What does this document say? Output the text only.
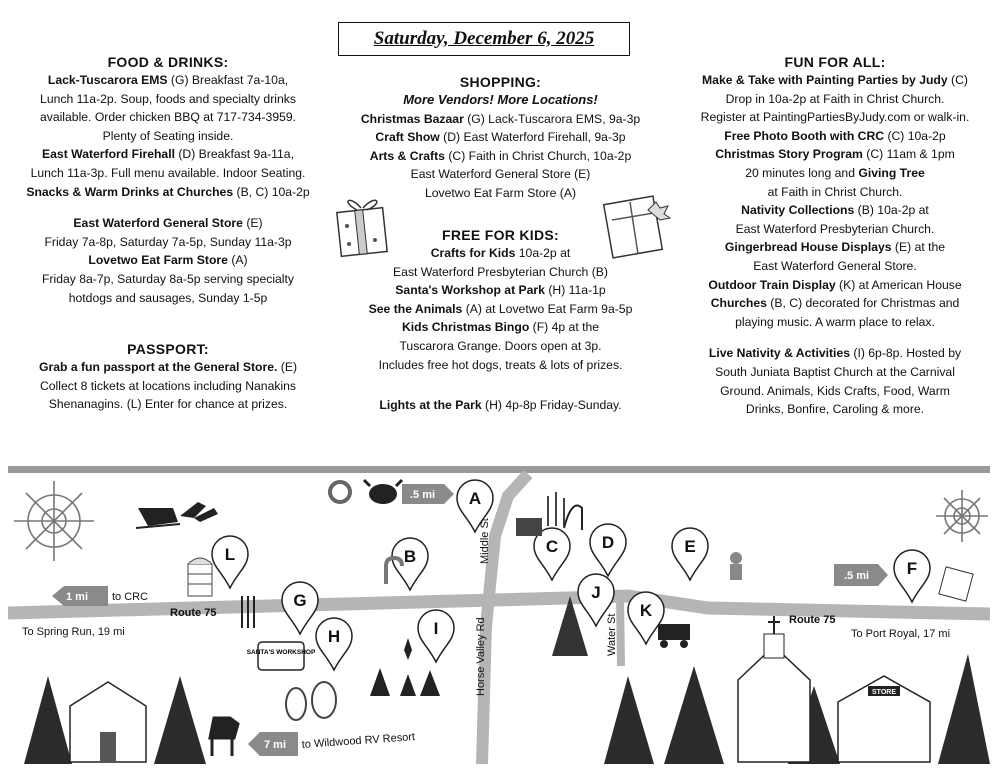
Saturday, December 6, 2025
FOOD & DRINKS:

Lack-Tuscarora EMS (G) Breakfast 7a-10a,

Lunch 11a-2p. Soup, foods and specialty drinks

available. Order chicken BBQ at 717-734-3959.

Plenty of Seating inside.

East Waterford Firehall (D) Breakfast 9a-11a,

Lunch 11a-3p. Full menu available. Indoor Seating.

Snacks & Warm Drinks at Churches (B, C) 10a-2p

East Waterford General Store (E)

Friday 7a-8p, Saturday 7a-5p, Sunday 11a-3p

Lovetwo Eat Farm Store (A)

Friday 8a-7p, Saturday 8a-5p serving specialty

hotdogs and sausages, Sunday 1-5p

PASSPORT:

Grab a fun passport at the General Store. (E)

Collect 8 tickets at locations including Nanakins

Shenanagins. (L) Enter for chance at prizes.

SHOPPING:

More Vendors! More Locations!

Christmas Bazaar (G) Lack-Tuscarora EMS, 9a-3p

Craft Show (D) East Waterford Firehall, 9a-3p

Arts & Crafts (C) Faith in Christ Church, 10a-2p

East Waterford General Store (E)

Lovetwo Eat Farm Store (A)

FREE FOR KIDS:

Crafts for Kids 10a-2p at

East Waterford Presbyterian Church (B)

Santa's Workshop at Park (H) 11a-1p

See the Animals (A) at Lovetwo Eat Farm 9a-5p

Kids Christmas Bingo (F) 4p at the

Tuscarora Grange. Doors open at 3p.

Includes free hot dogs, treats & lots of prizes.

Lights at the Park (H) 4p-8p Friday-Sunday.

FUN FOR ALL:

Make & Take with Painting Parties by Judy (C)

Drop in 10a-2p at Faith in Christ Church.

Register at PaintingPartiesByJudy.com or walk-in.

Free Photo Booth with CRC (C) 10a-2p

Christmas Story Program (C) 11am & 1pm

20 minutes long and Giving Tree

at Faith in Christ Church.

Nativity Collections (B) 10a-2p at

East Waterford Presbyterian Church.

Gingerbread House Displays (E) at the

East Waterford General Store.

Outdoor Train Display (K) at American House

Churches (B, C) decorated for Christmas and

playing music. A warm place to relax.

Live Nativity & Activities (I) 6p-8p. Hosted by

South Juniata Baptist Church at the Carnival

Ground. Animals, Kids Crafts, Food, Warm

Drinks, Bonfire, Caroling & more.

Route 75
Route 75
To Spring Run, 19 mi	To Port Royal, 17 mi
Middle St
Horse Valley Rd	Water St
1 mi to CRC
.5 mi
.5 mi
7 mi to Wildwood RV Resort
A
B
C	D	E
F
G
H	I
J
K
L
SANTA'S WORKSHOP
STORE
